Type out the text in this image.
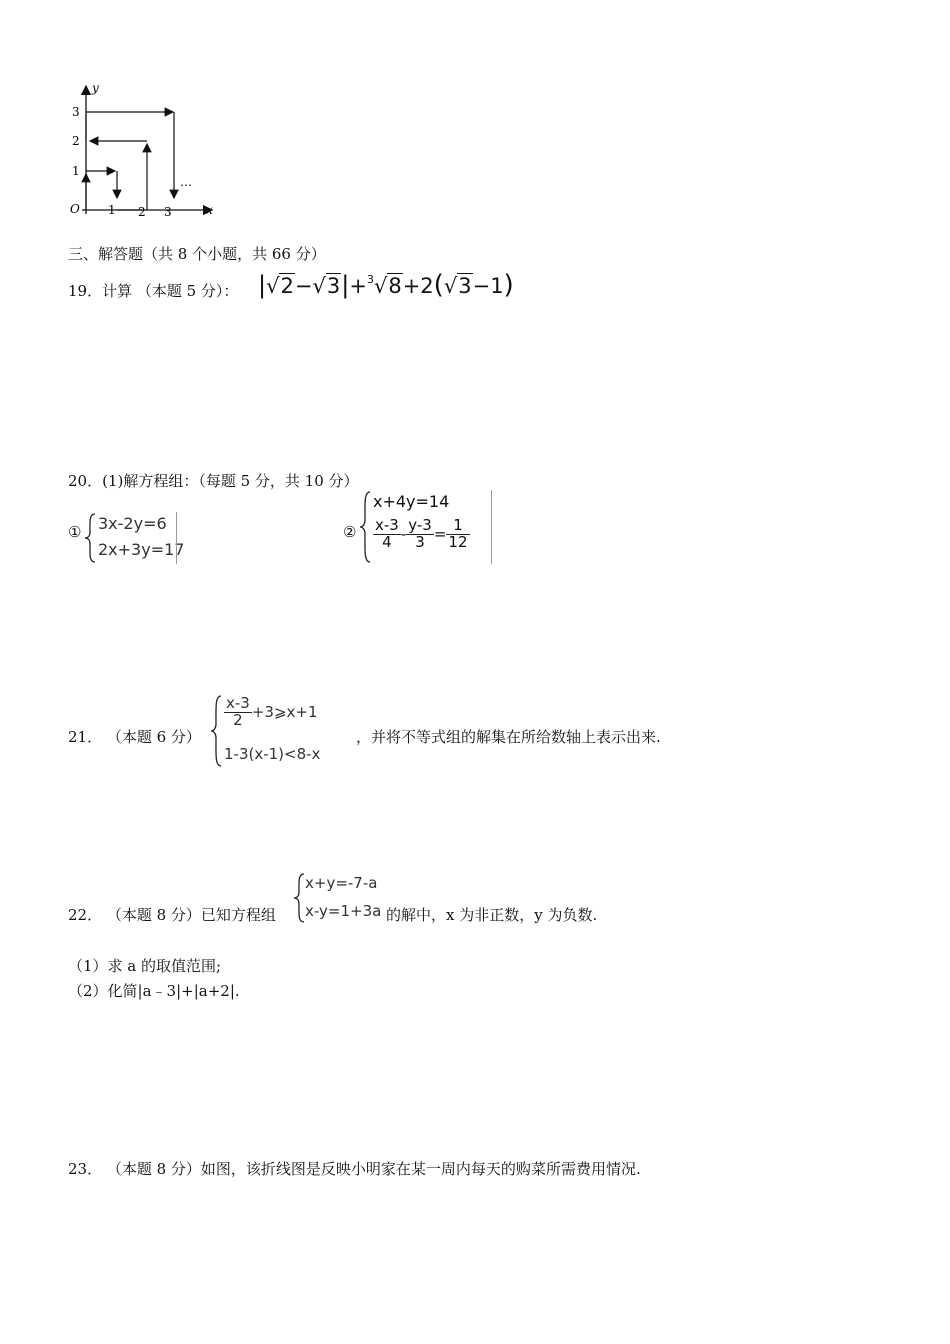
y
x
O 1 2 3
1
2
3
…
三、解答题（共 8 个小题，共 66 分）
19．计算 （本题 5 分）： |√2−√3|+$^3$√8+2(√3−1)
20．(1)解方程组：（每题 5 分，共 10 分）
① 3x-2y=6
2x+3y=17
②
x+4y=14
$\frac{x-3}{4} - \frac{y-3}{3} = \frac{1}{12}$
21． （本题 6 分）
$\frac{x-3}{2}$ +3⩾x+1
1-3(x-1)<8-x
，并将不等式组的解集在所给数轴上表示出来.
22． （本题 8 分）已知方程组
x+y=-7-a
x-y=1+3a 的解中，x 为非正数，y 为负数.
（1）求 a 的取值范围;
（2）化简|a﹣3|+|a+2|.
23． （本题 8 分）如图，该折线图是反映小明家在某一周内每天的购菜所需费用情况.
